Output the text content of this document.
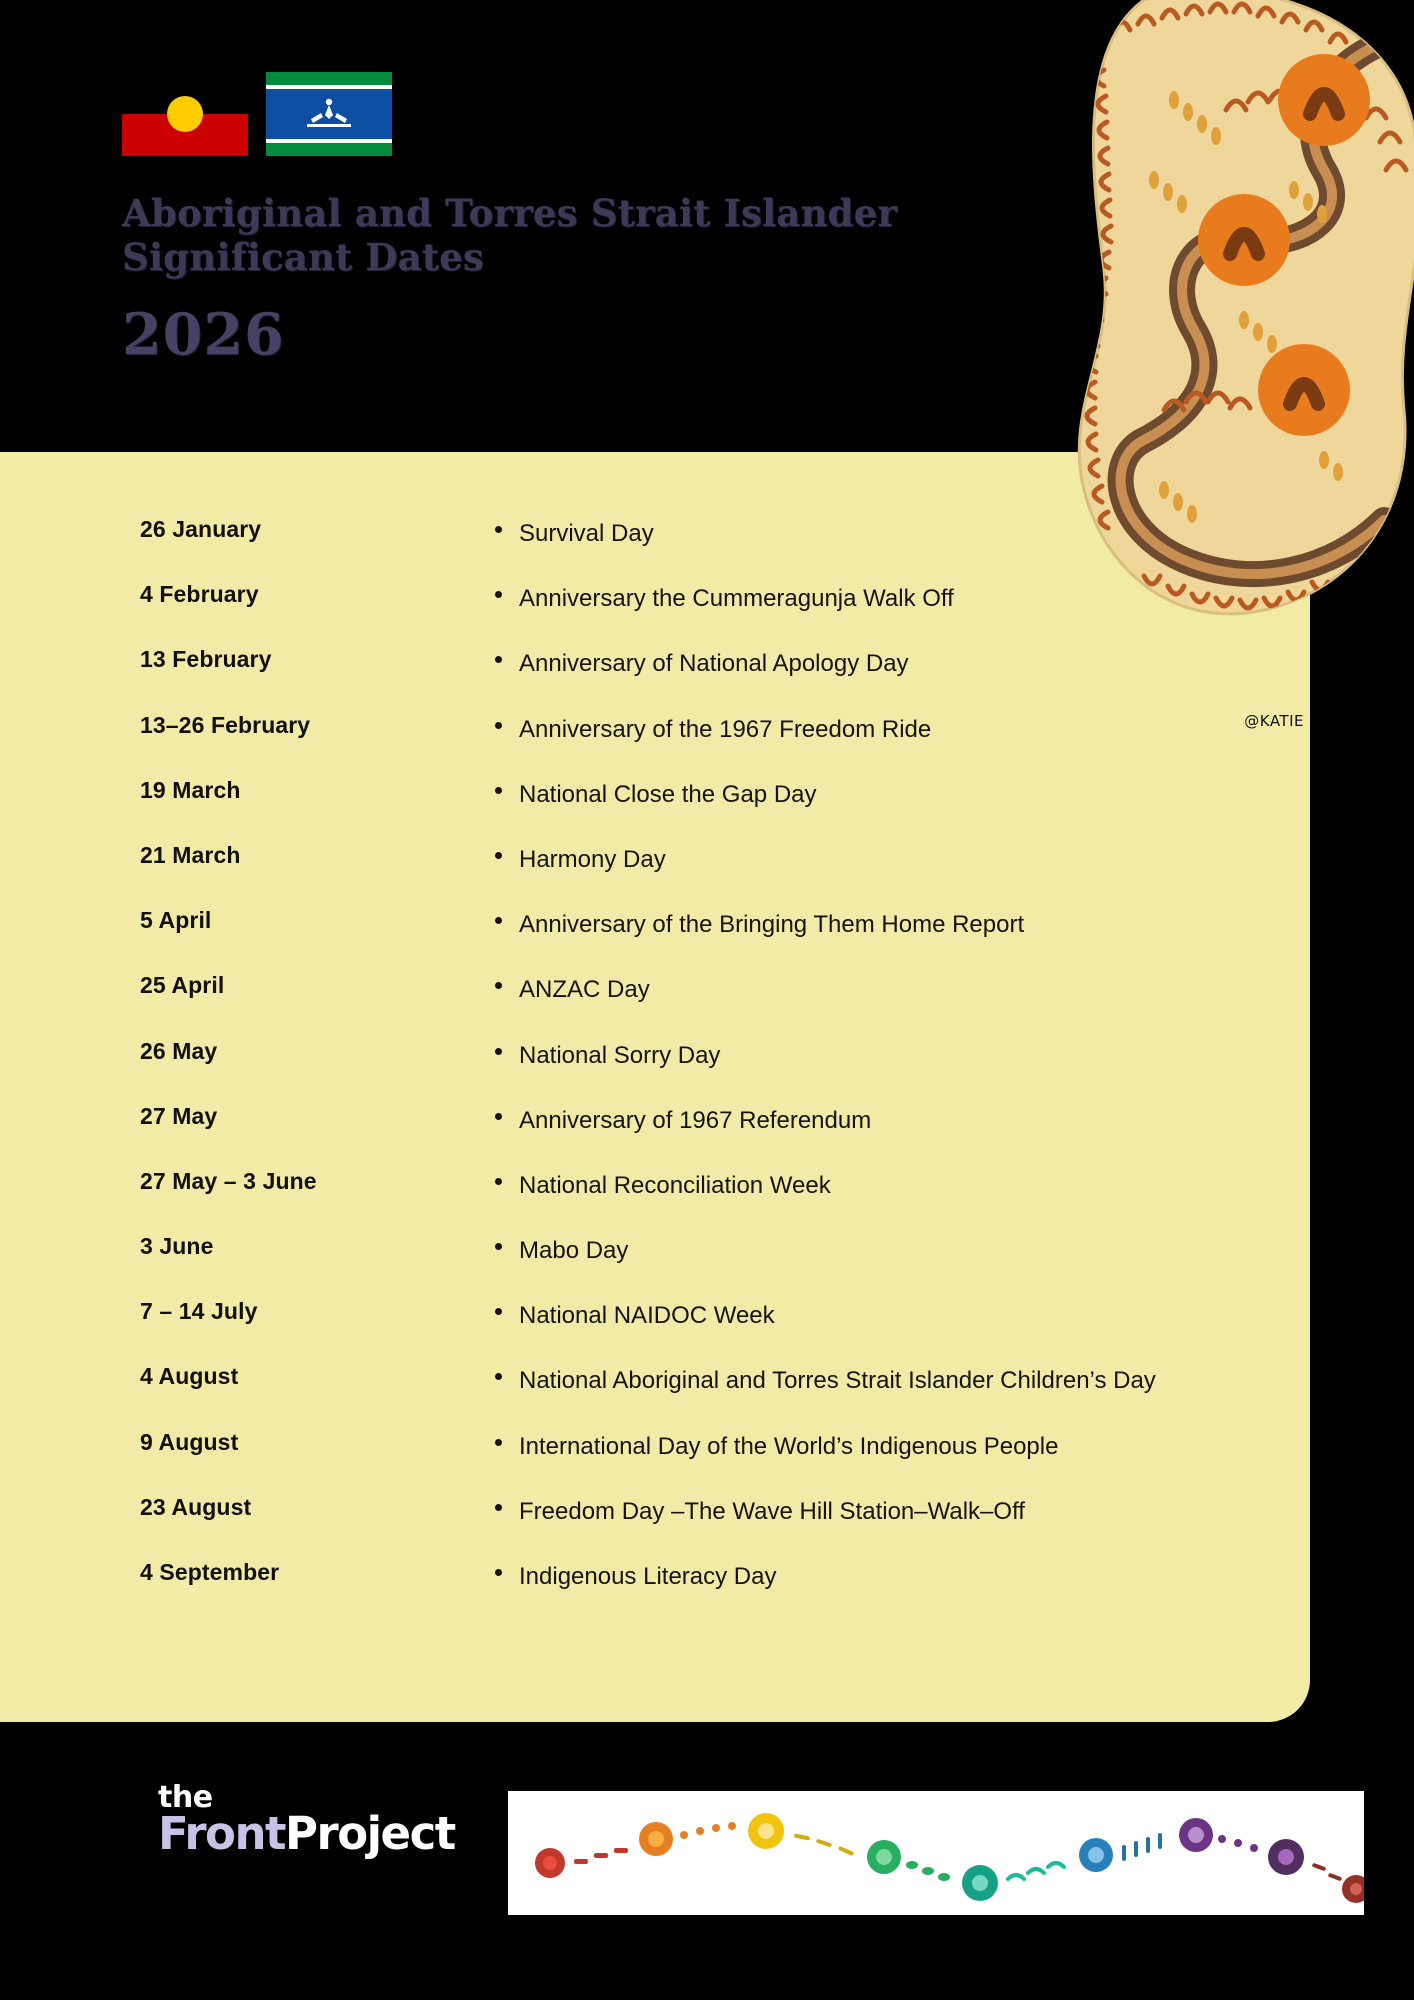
Aboriginal and Torres Strait Islander
Significant Dates
2026
@KATIE
26 January	Survival Day

4 February	Anniversary the Cummeragunja Walk Off

13 February	Anniversary of National Apology Day

13–26 February	Anniversary of the 1967 Freedom Ride

19 March	National Close the Gap Day

21 March	Harmony Day

5 April	Anniversary of the Bringing Them Home Report

25 April	ANZAC Day

26 May	National Sorry Day

27 May	Anniversary of 1967 Referendum

27 May – 3 June	National Reconciliation Week

3 June	Mabo Day

7 – 14 July	National NAIDOC Week

4 August	National Aboriginal and Torres Strait Islander Children’s Day

9 August	International Day of the World’s Indigenous People

23 August	Freedom Day –The Wave Hill Station–Walk–Off

4 September	Indigenous Literacy Day
the
FrontProject
